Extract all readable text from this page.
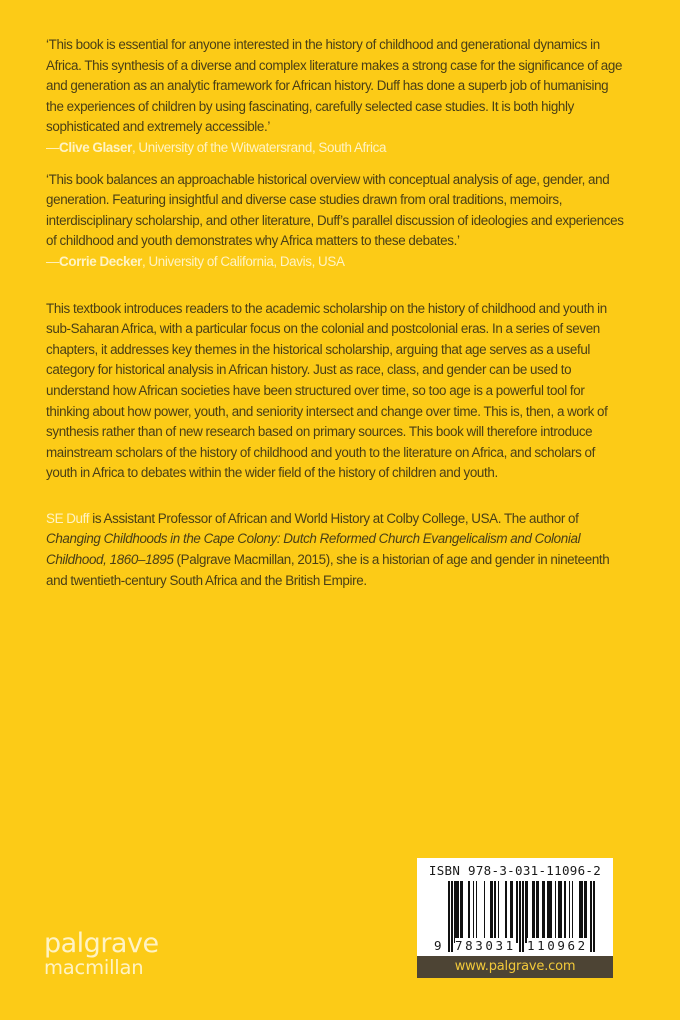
‘This book is essential for anyone interested in the history of childhood and generational dynamics in Africa. This synthesis of a diverse and complex literature makes a strong case for the significance of age and generation as an analytic framework for African history. Duff has done a superb job of humanising the experiences of children by using fascinating, carefully selected case studies. It is both highly sophisticated and extremely accessible.’

—Clive Glaser, University of the Witwatersrand, South Africa

‘This book balances an approachable historical overview with conceptual analysis of age, gender, and generation. Featuring insightful and diverse case studies drawn from oral traditions, memoirs, interdisciplinary scholarship, and other literature, Duff’s parallel discussion of ideologies and experiences of childhood and youth demonstrates why Africa matters to these debates.’

—Corrie Decker, University of California, Davis, USA

This textbook introduces readers to the academic scholarship on the history of childhood and youth in sub-Saharan Africa, with a particular focus on the colonial and postcolonial eras. In a series of seven chapters, it addresses key themes in the historical scholarship, arguing that age serves as a useful category for historical analysis in African history. Just as race, class, and gender can be used to understand how African societies have been structured over time, so too age is a powerful tool for thinking about how power, youth, and seniority intersect and change over time. This is, then, a work of synthesis rather than of new research based on primary sources. This book will therefore introduce mainstream scholars of the history of childhood and youth to the literature on Africa, and scholars of youth in Africa to debates within the wider field of the history of children and youth.

SE Duff is Assistant Professor of African and World History at Colby College, USA. The author of Changing Childhoods in the Cape Colony: Dutch Reformed Church Evangelicalism and Colonial Childhood, 1860–1895 (Palgrave Macmillan, 2015), she is a historian of age and gender in nineteenth and twentieth-century South Africa and the British Empire.

palgrave
macmillan
ISBN 978-3-031-11096-2
9 783031 110962
www.palgrave.com
